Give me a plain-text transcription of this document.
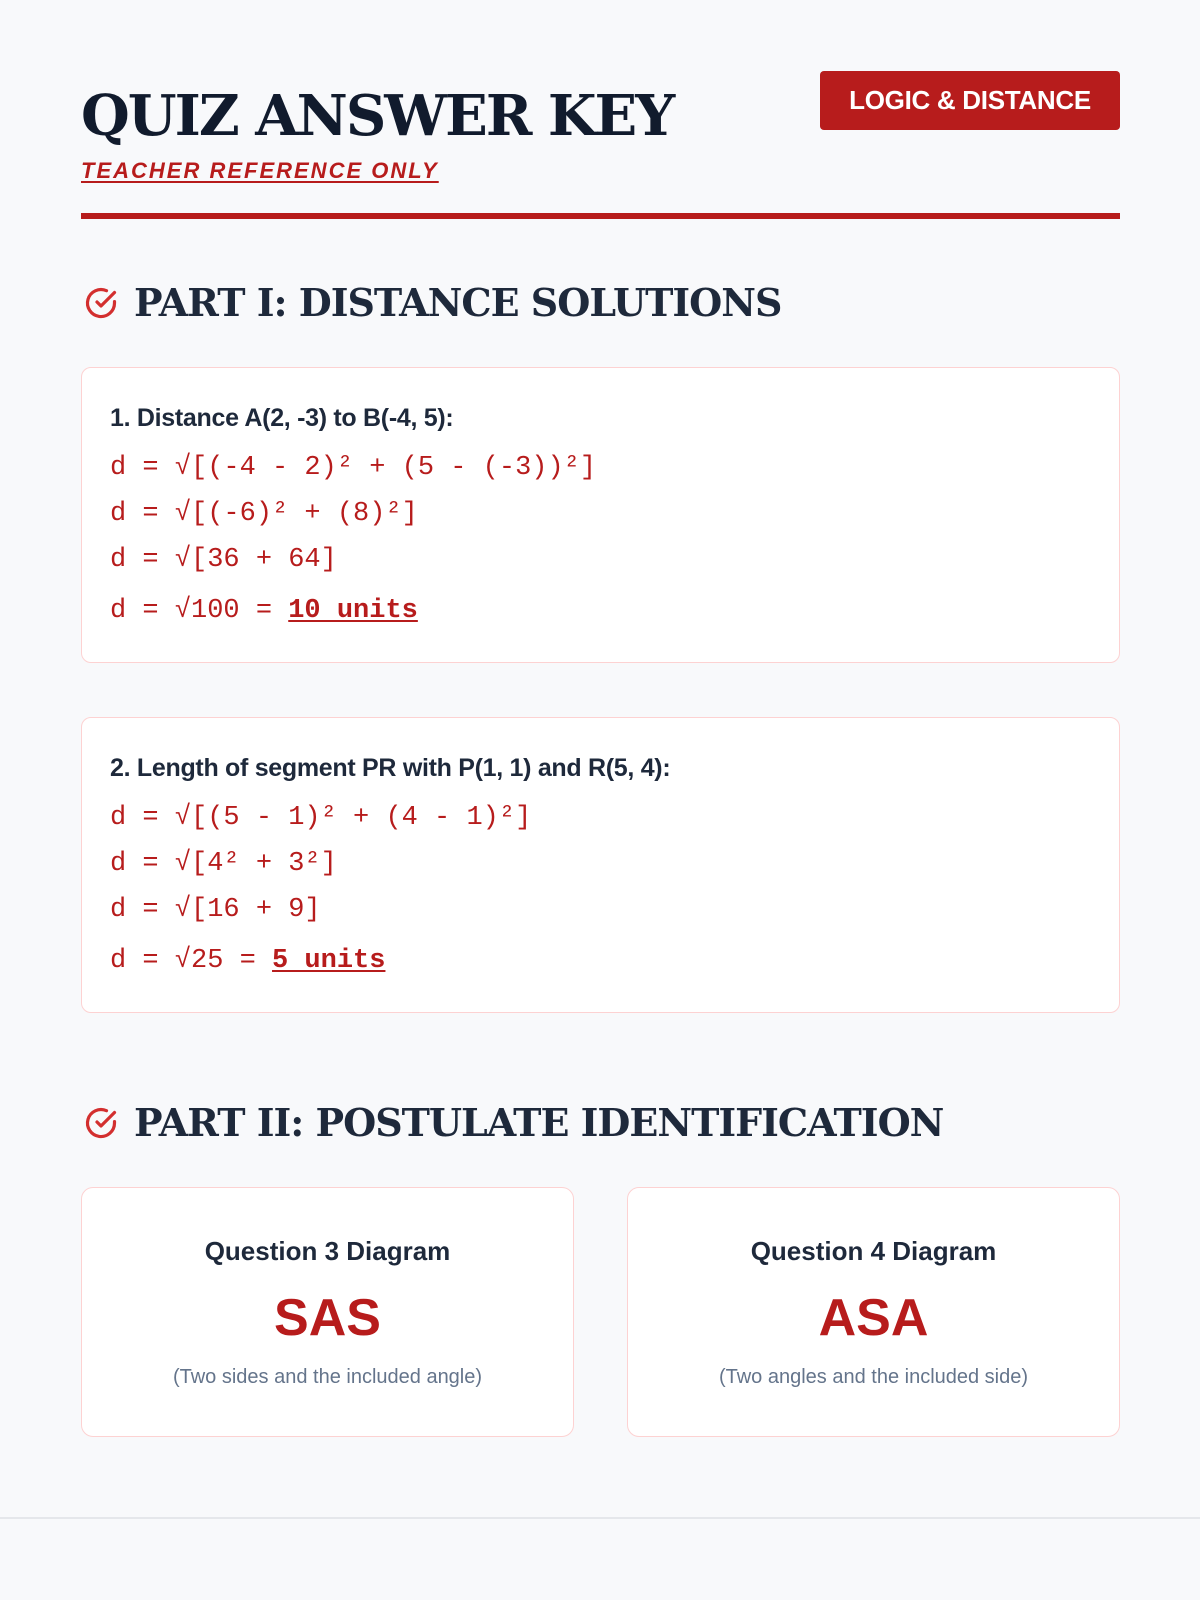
QUIZ ANSWER KEY
TEACHER REFERENCE ONLY
LOGIC & DISTANCE
PART I: DISTANCE SOLUTIONS
1. Distance A(2, -3) to B(-4, 5):
d = √[(-4 - 2)² + (5 - (-3))²]
d = √[(-6)² + (8)²]
d = √[36 + 64]
d = √100 = 10 units
2. Length of segment PR with P(1, 1) and R(5, 4):
d = √[(5 - 1)² + (4 - 1)²]
d = √[4² + 3²]
d = √[16 + 9]
d = √25 = 5 units
PART II: POSTULATE IDENTIFICATION
Question 3 Diagram
SAS
(Two sides and the included angle)
Question 4 Diagram
ASA
(Two angles and the included side)
